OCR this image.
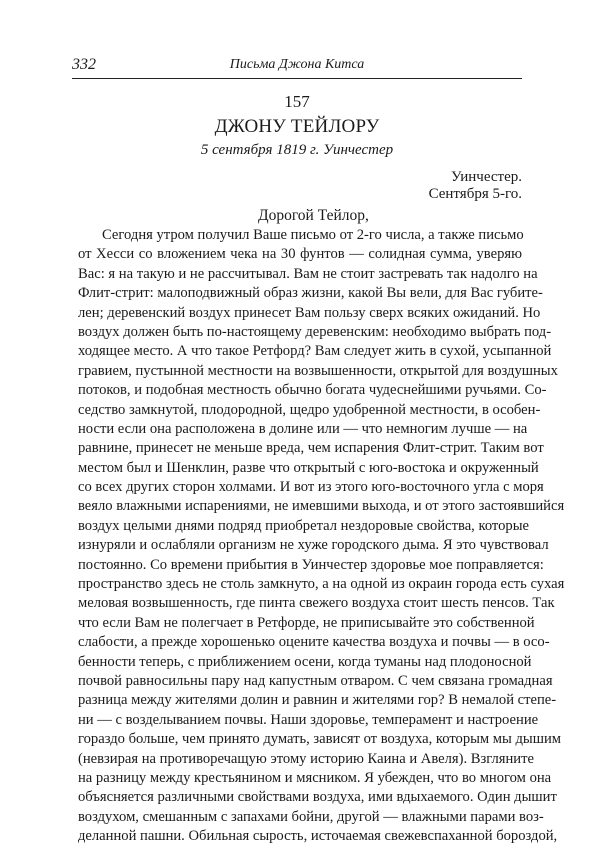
332	Письма Джона Китса
157
ДЖОНУ ТЕЙЛОРУ
5 сентября 1819 г. Уинчестер
Уинчестер.
Сентября 5-го.
Дорогой Тейлор,
Сегодня утром получил Ваше письмо от 2-го числа, а также письмо
от Хесси со вложением чека на 30 фунтов — солидная сумма, уверяю
Вас: я на такую и не рассчитывал. Вам не стоит застревать так надолго на
Флит-стрит: малоподвижный образ жизни, какой Вы вели, для Вас губите-
лен; деревенский воздух принесет Вам пользу сверх всяких ожиданий. Но
воздух должен быть по-настоящему деревенским: необходимо выбрать под-
ходящее место. А что такое Ретфорд? Вам следует жить в сухой, усыпанной
гравием, пустынной местности на возвышенности, открытой для воздушных
потоков, и подобная местность обычно богата чудеснейшими ручьями. Со-
седство замкнутой, плодородной, щедро удобренной местности, в особен-
ности если она расположена в долине или — что немногим лучше — на
равнине, принесет не меньше вреда, чем испарения Флит-стрит. Таким вот
местом был и Шенклин, разве что открытый с юго-востока и окруженный
со всех других сторон холмами. И вот из этого юго-восточного угла с моря
веяло влажными испарениями, не имевшими выхода, и от этого застоявшийся
воздух целыми днями подряд приобретал нездоровые свойства, которые
изнуряли и ослабляли организм не хуже городского дыма. Я это чувствовал
постоянно. Со времени прибытия в Уинчестер здоровье мое поправляется:
пространство здесь не столь замкнуто, а на одной из окраин города есть сухая
меловая возвышенность, где пинта свежего воздуха стоит шесть пенсов. Так
что если Вам не полегчает в Ретфорде, не приписывайте это собственной
слабости, а прежде хорошенько оцените качества воздуха и почвы — в осо-
бенности теперь, с приближением осени, когда туманы над плодоносной
почвой равносильны пару над капустным отваром. С чем связана громадная
разница между жителями долин и равнин и жителями гор? В немалой степе-
ни — с возделыванием почвы. Наши здоровье, темперамент и настроение
гораздо больше, чем принято думать, зависят от воздуха, которым мы дышим
(невзирая на противоречащую этому историю Каина и Авеля). Взгляните
на разницу между крестьянином и мясником. Я убежден, что во многом она
объясняется различными свойствами воздуха, ими вдыхаемого. Один дышит
воздухом, смешанным с запахами бойни, другой — влажными парами воз-
деланной пашни. Обильная сырость, источаемая свежевспаханной бороздой,
